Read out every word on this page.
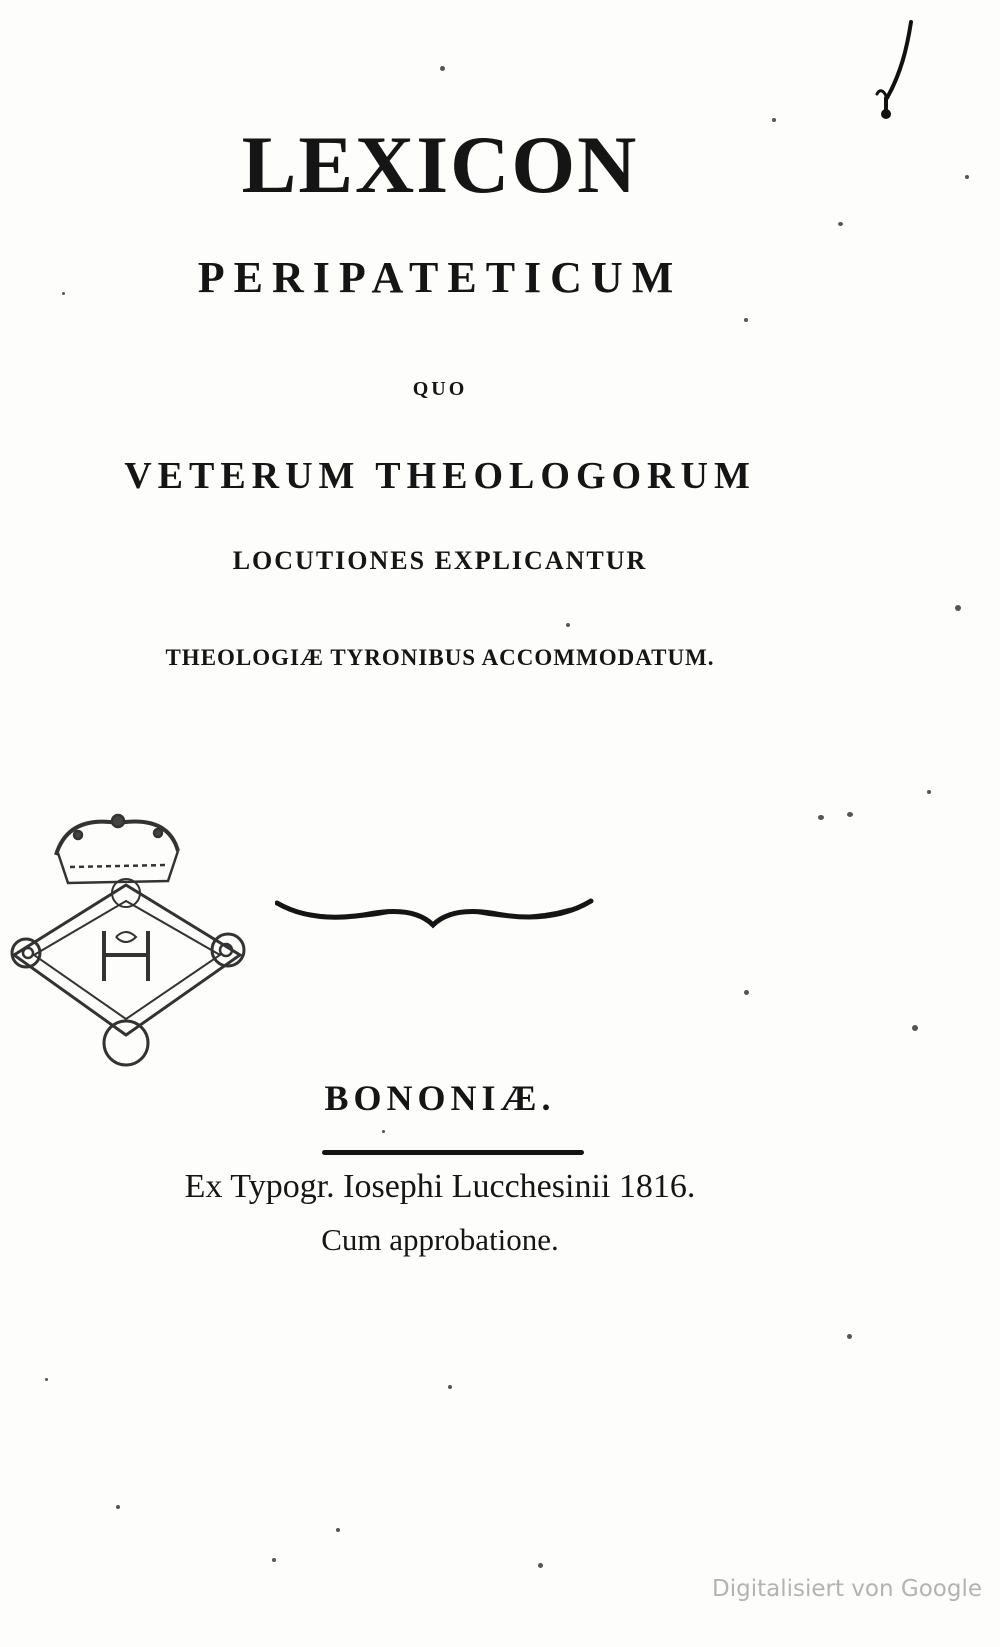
LEXICON
PERIPATETICUM
QUO
VETERUM THEOLOGORUM
LOCUTIONES EXPLICANTUR
THEOLOGIÆ TYRONIBUS ACCOMMODATUM.
BONONIÆ.
Ex Typogr. Iosephi Lucchesinii 1816.
Cum approbatione.
Digitalisiert von Google
